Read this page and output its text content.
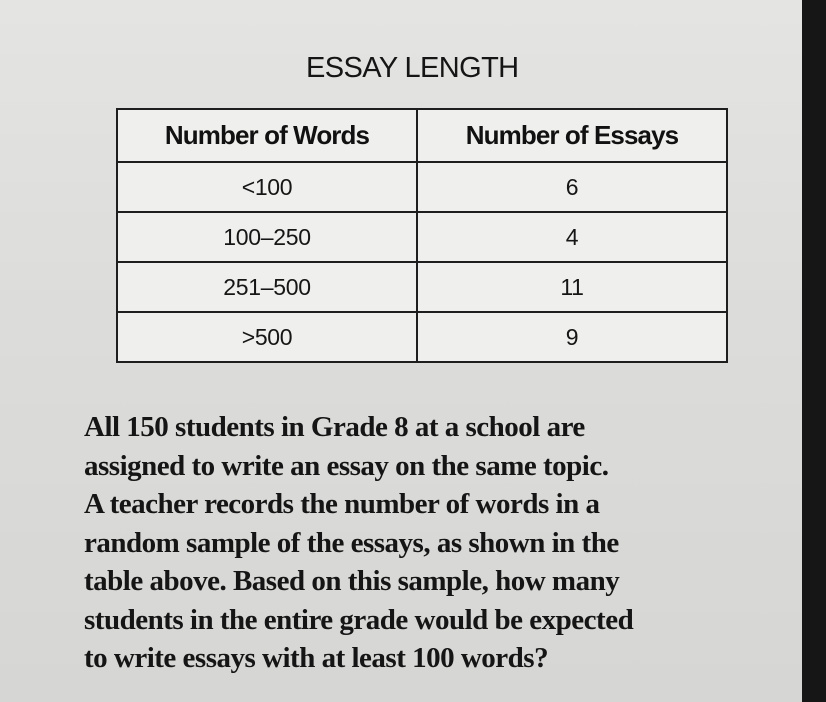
ESSAY LENGTH
Number of Words	Number of Essays
<100	6
100–250	4
251–500	11
>500	9
All 150 students in Grade 8 at a school are
assigned to write an essay on the same topic.
A teacher records the number of words in a
random sample of the essays, as shown in the
table above. Based on this sample, how many
students in the entire grade would be expected
to write essays with at least 100 words?
